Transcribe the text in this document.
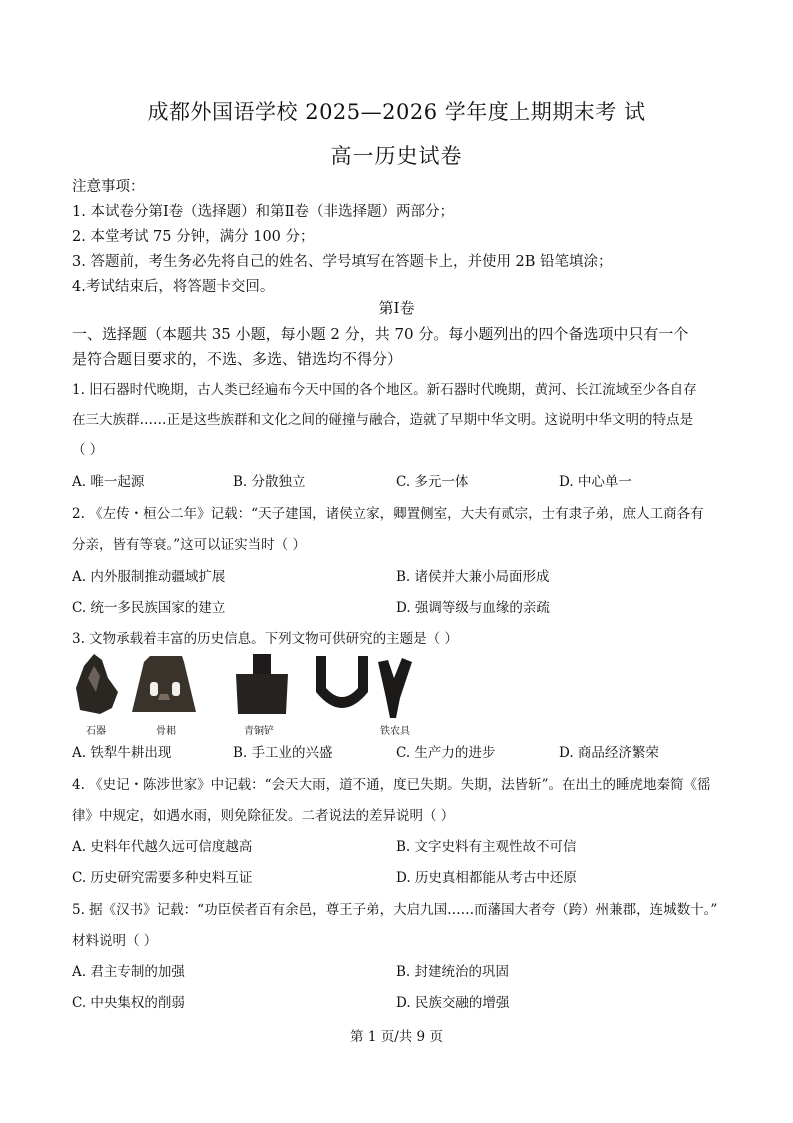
成都外国语学校 2025—2026 学年度上期期末考 试
高一历史试卷
注意事项：
1. 本试卷分第Ⅰ卷（选择题）和第Ⅱ卷（非选择题）两部分；
2. 本堂考试 75 分钟，满分 100 分；
3. 答题前，考生务必先将自己的姓名、学号填写在答题卡上，并使用 2B 铅笔填涂；
4.考试结束后，将答题卡交回。
第Ⅰ卷
一、选择题（本题共 35 小题，每小题 2 分，共 70 分。每小题列出的四个备选项中只有一个
是符合题目要求的，不选、多选、错选均不得分）
1. 旧石器时代晚期，古人类已经遍布今天中国的各个地区。新石器时代晚期，黄河、长江流域至少各自存
在三大族群……正是这些族群和文化之间的碰撞与融合，造就了早期中华文明。这说明中华文明的特点是
（ ）
A. 唯一起源	B. 分散独立	C. 多元一体	D. 中心单一
2. 《左传・桓公二年》记载：“天子建国，诸侯立家，卿置侧室，大夫有贰宗，士有隶子弟，庶人工商各有
分亲，皆有等衰。”这可以证实当时（ ）
A. 内外服制推动疆域扩展	B. 诸侯并大兼小局面形成
C. 统一多民族国家的建立	D. 强调等级与血缘的亲疏
3. 文物承载着丰富的历史信息。下列文物可供研究的主题是（ ）
石器	骨耜	青铜铲	铁农具
A. 铁犁牛耕出现	B. 手工业的兴盛	C. 生产力的进步	D. 商品经济繁荣
4. 《史记・陈涉世家》中记载：“会天大雨，道不通，度已失期。失期，法皆斩”。在出土的睡虎地秦简《徭
律》中规定，如遇水雨，则免除征发。二者说法的差异说明（ ）
A. 史料年代越久远可信度越高	B. 文字史料有主观性故不可信
C. 历史研究需要多种史料互证	D. 历史真相都能从考古中还原
5. 据《汉书》记载：“功臣侯者百有余邑，尊王子弟，大启九国……而藩国大者夸（跨）州兼郡，连城数十。”
材料说明（ ）
A. 君主专制的加强	B. 封建统治的巩固
C. 中央集权的削弱	D. 民族交融的增强
第 1 页/共 9 页
